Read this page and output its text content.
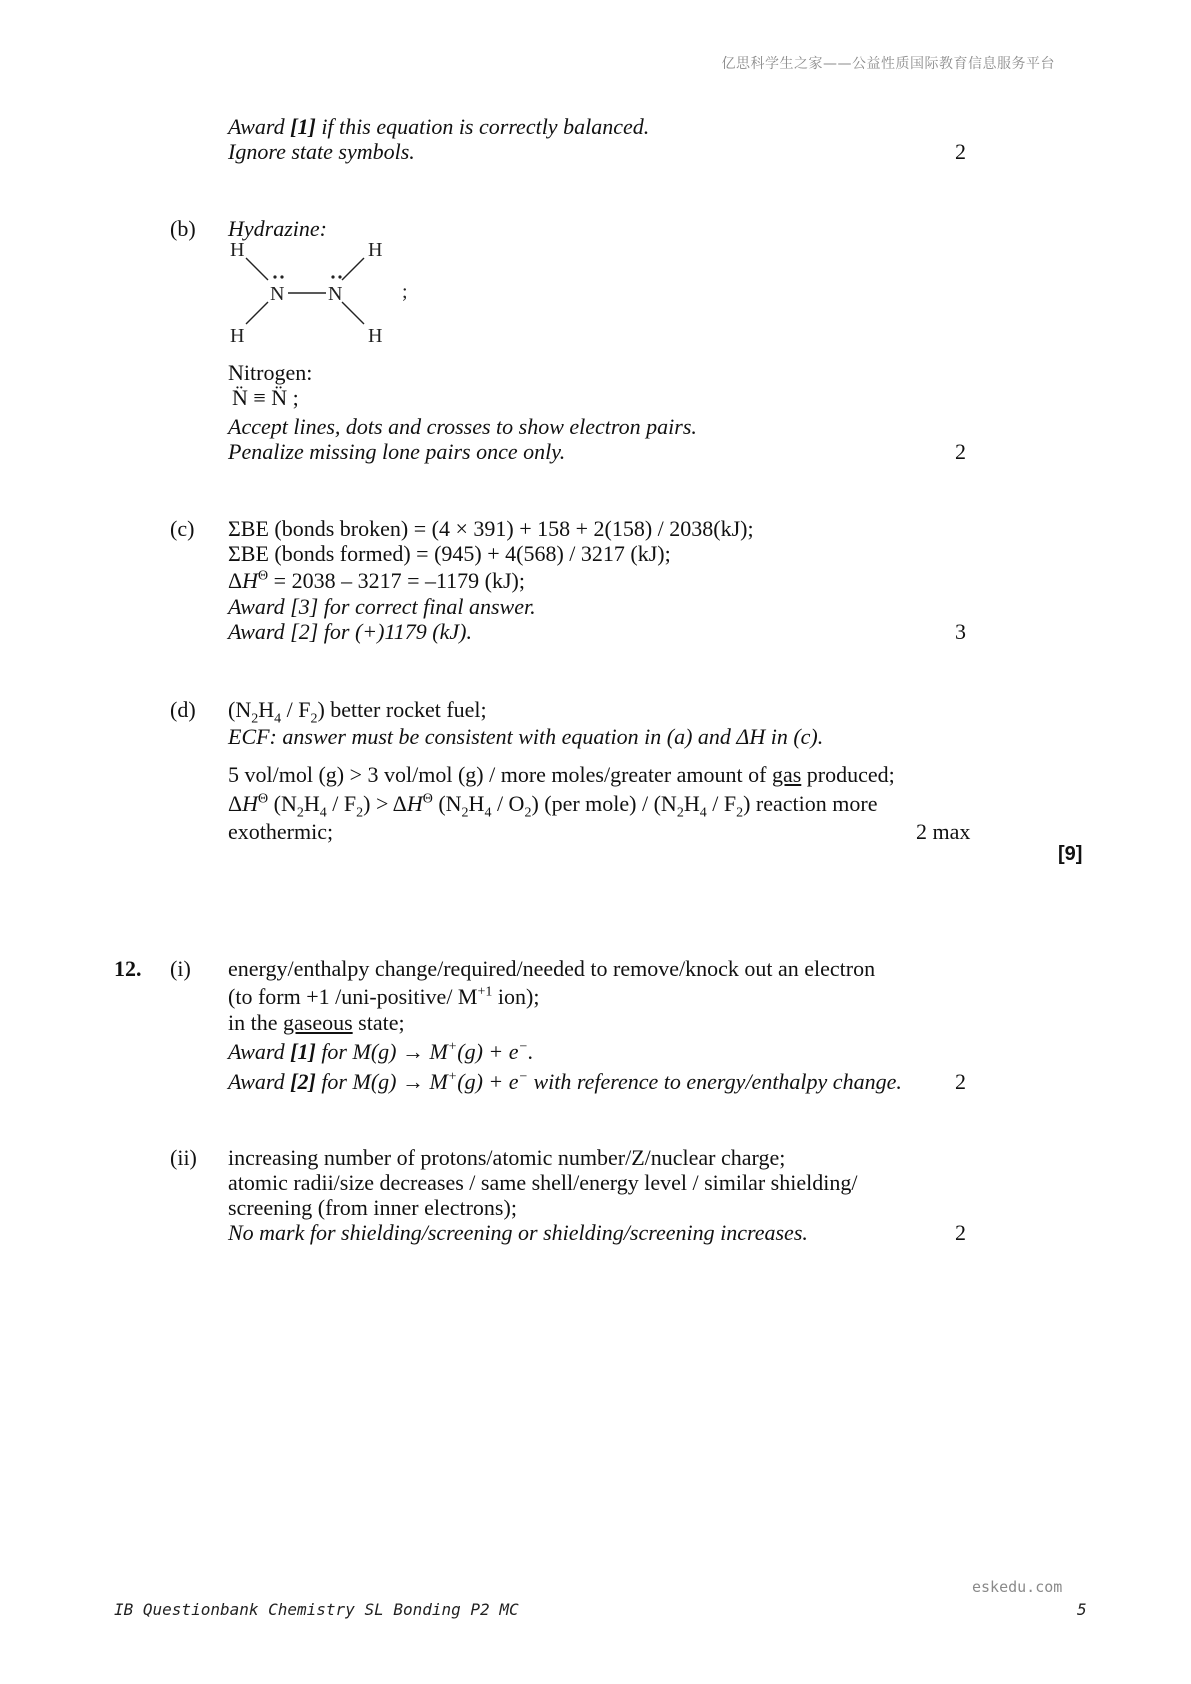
亿思科学生之家——公益性质国际教育信息服务平台
Award [1] if this equation is correctly balanced.
Ignore state symbols.	2
(b) Hydrazine:
H	H
N N
H	H
;
Nitrogen:
N̈ ≡ N̈ ;
Accept lines, dots and crosses to show electron pairs.
Penalize missing lone pairs once only.	2
(c) ΣBE (bonds broken) = (4 × 391) + 158 + 2(158) / 2038(kJ);
ΣBE (bonds formed) = (945) + 4(568) / 3217 (kJ);
$\Delta H^\Theta = 2038 - 3217 = -1179$ (kJ);
Award [3] for correct final answer.
Award [2] for (+)1179 (kJ).	3
(d) $(N_2H_4 / F_2)$ better rocket fuel;
ECF: answer must be consistent with equation in (a) and ΔH in (c).
5 vol/mol (g) > 3 vol/mol (g) / more moles/greater amount of gas produced;
$\Delta H^\Theta$ $(N_2H_4 / F_2) > \Delta H^\Theta$ $(N_2H_4 / O_2)$ (per mole) / $(N_2H_4 / F_2)$ reaction more
exothermic;	2 max
[9]
12. (i) energy/enthalpy change/required/needed to remove/knock out an electron
(to form +1 /uni-positive/ $M^{+1}$ ion);
in the gaseous state;
Award [1] for M(g) → M+(g) + e−.
Award [2] for M(g) → M+(g) + e− with reference to energy/enthalpy change. 2
(ii) increasing number of protons/atomic number/Z/nuclear charge;
atomic radii/size decreases / same shell/energy level / similar shielding/
screening (from inner electrons);
No mark for shielding/screening or shielding/screening increases.	2
eskedu.com
IB Questionbank Chemistry SL Bonding P2 MC	5
